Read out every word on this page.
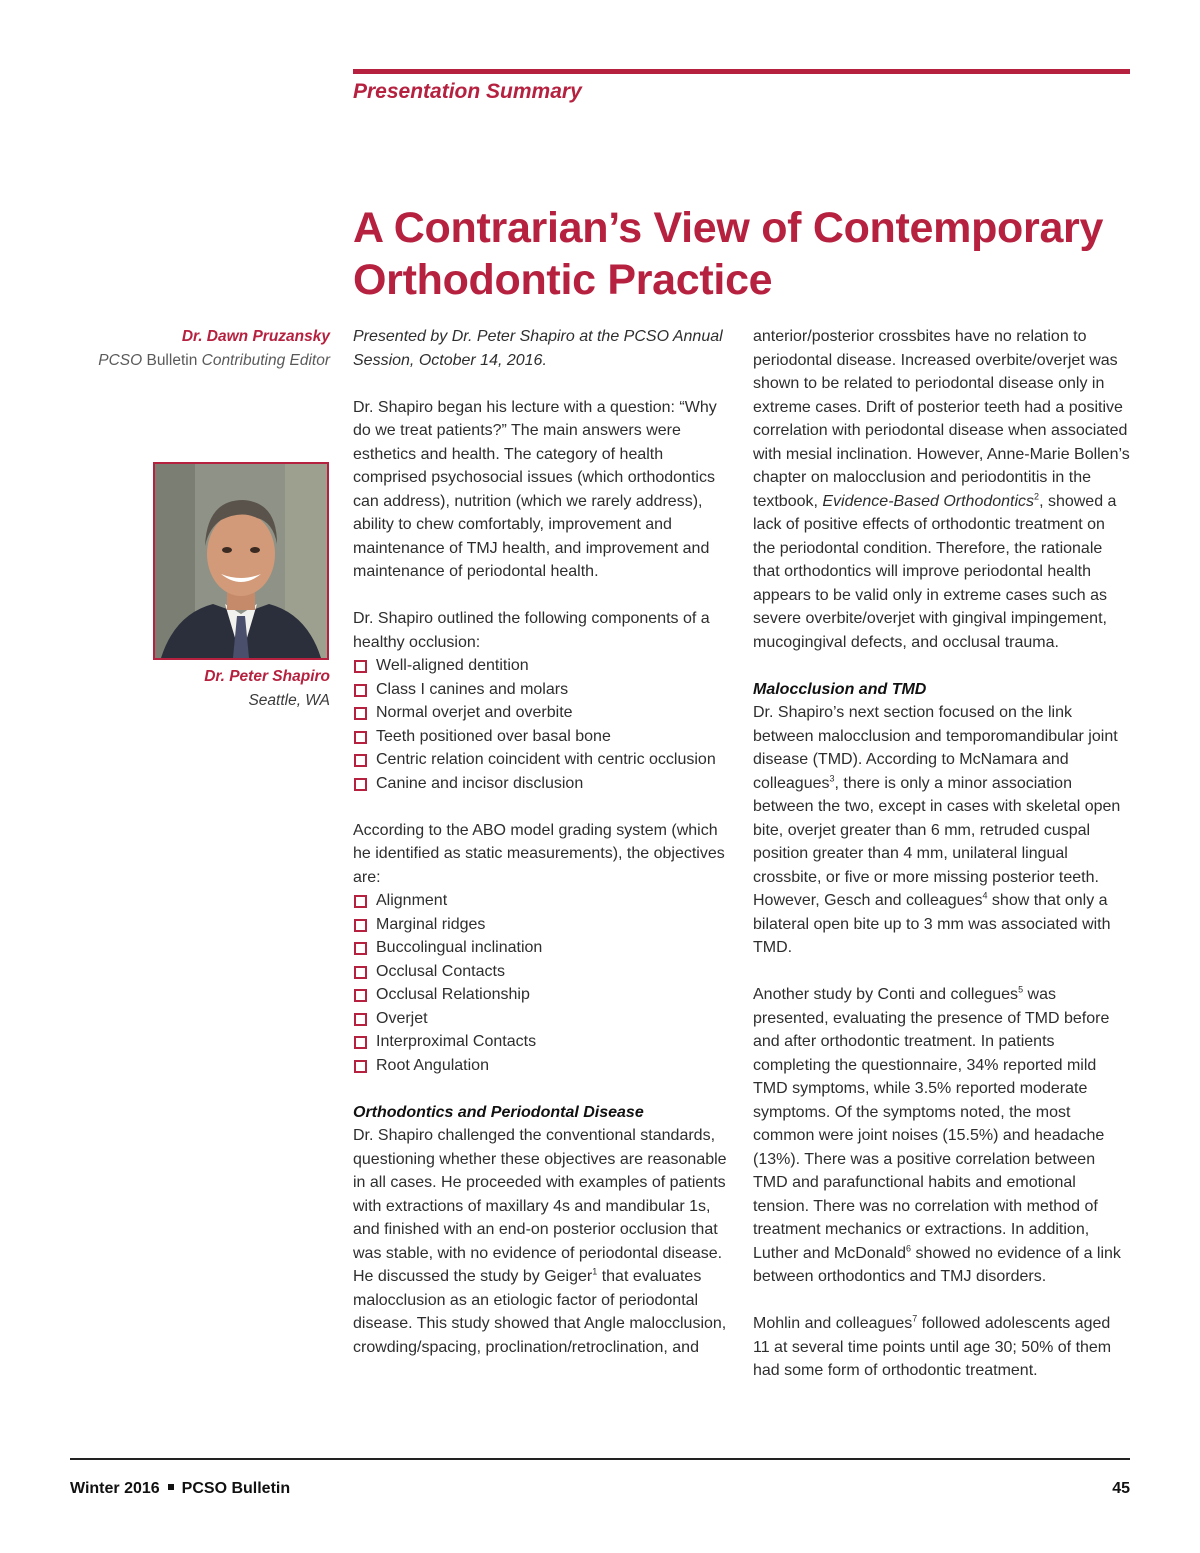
Presentation Summary
A Contrarian’s View of Contemporary
Orthodontic Practice
Dr. Dawn Pruzansky
PCSO Bulletin Contributing Editor
Dr. Peter Shapiro
Seattle, WA

Presented by Dr. Peter Shapiro at the PCSO Annual Session, October 14, 2016.

Dr. Shapiro began his lecture with a question: “Why do we treat patients?” The main answers were esthetics and health. The category of health comprised psychosocial issues (which orthodontics can address), nutrition (which we rarely address), ability to chew comfortably, improvement and maintenance of TMJ health, and improvement and maintenance of periodontal health.

Dr. Shapiro outlined the following components of a healthy occlusion:

Well-aligned dentition
Class I canines and molars
Normal overjet and overbite
Teeth positioned over basal bone
Centric relation coincident with centric occlusion
Canine and incisor disclusion

According to the ABO model grading system (which he identified as static measurements), the objectives are:

Alignment
Marginal ridges
Buccolingual inclination
Occlusal Contacts
Occlusal Relationship
Overjet
Interproximal Contacts
Root Angulation

Orthodontics and Periodontal Disease

Dr. Shapiro challenged the conventional standards, questioning whether these objectives are reasonable in all cases. He proceeded with examples of patients with extractions of maxillary 4s and mandibular 1s, and finished with an end-on posterior occlusion that was stable, with no evidence of periodontal disease. He discussed the study by Geiger$^1$ that evaluates malocclusion as an etiologic factor of periodontal disease. This study showed that Angle malocclusion, crowding/spacing, proclination/retroclination, and

anterior/posterior crossbites have no relation to periodontal disease. Increased overbite/overjet was shown to be related to periodontal disease only in extreme cases. Drift of posterior teeth had a positive correlation with periodontal disease when associated with mesial inclination. However, Anne-Marie Bollen’s chapter on malocclusion and periodontitis in the textbook, Evidence-Based Orthodontics$^2$, showed a lack of positive effects of orthodontic treatment on the periodontal condition. Therefore, the rationale that orthodontics will improve periodontal health appears to be valid only in extreme cases such as severe overbite/overjet with gingival impingement, mucogingival defects, and occlusal trauma.

Malocclusion and TMD

Dr. Shapiro’s next section focused on the link between malocclusion and temporomandibular joint disease (TMD). According to McNamara and colleagues$^3$, there is only a minor association between the two, except in cases with skeletal open bite, overjet greater than 6 mm, retruded cuspal position greater than 4 mm, unilateral lingual crossbite, or five or more missing posterior teeth. However, Gesch and colleagues$^4$ show that only a bilateral open bite up to 3 mm was associated with TMD.

Another study by Conti and collegues$^5$ was presented, evaluating the presence of TMD before and after orthodontic treatment. In patients completing the questionnaire, 34% reported mild TMD symptoms, while 3.5% reported moderate symptoms. Of the symptoms noted, the most common were joint noises (15.5%) and headache (13%). There was a positive correlation between TMD and parafunctional habits and emotional tension. There was no correlation with method of treatment mechanics or extractions. In addition, Luther and McDonald$^6$ showed no evidence of a link between orthodontics and TMJ disorders.

Mohlin and colleagues$^7$ followed adolescents aged 11 at several time points until age 30; 50% of them had some form of orthodontic treatment.

Winter 2016 PCSO Bulletin	45
